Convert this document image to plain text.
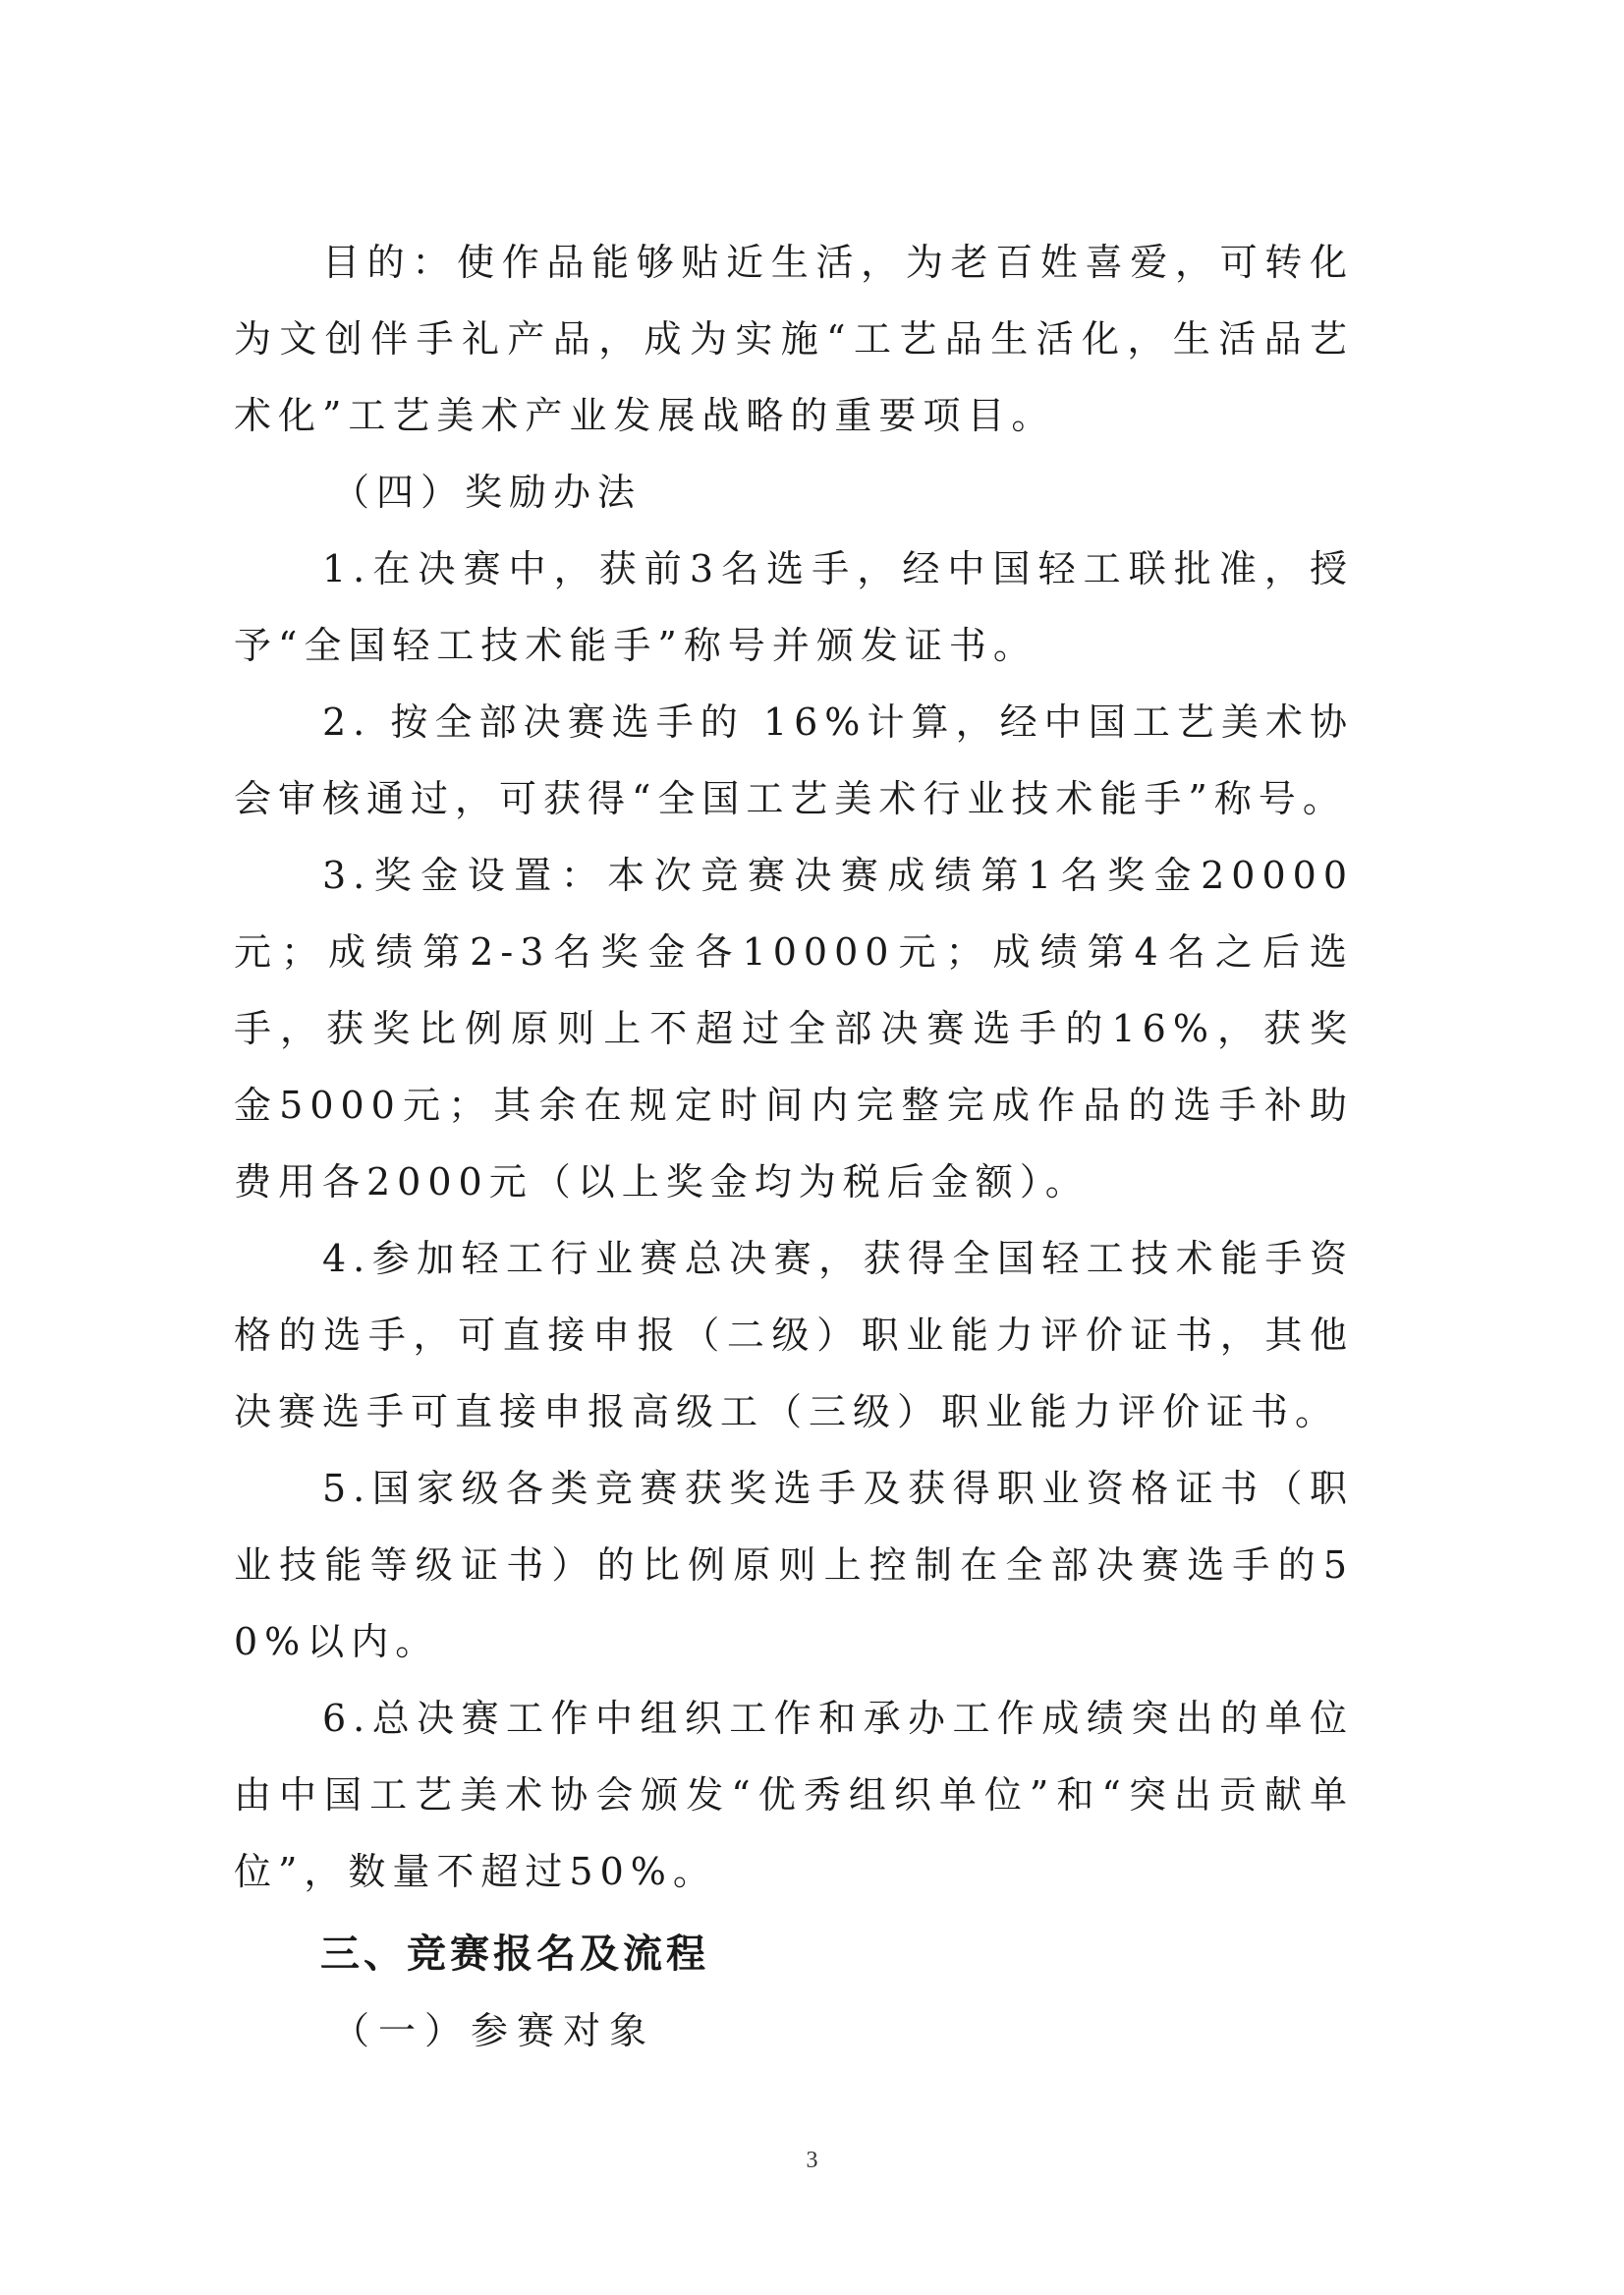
目的：使作品能够贴近生活，为老百姓喜爱，可转化为文创伴手礼产品，成为实施“工艺品生活化，生活品艺术化”工艺美术产业发展战略的重要项目。

（四）奖励办法

1.在决赛中，获前3名选手，经中国轻工联批准，授予“全国轻工技术能手”称号并颁发证书。

2. 按全部决赛选手的 16%计算，经中国工艺美术协会审核通过，可获得“全国工艺美术行业技术能手”称号。

3.奖金设置：本次竞赛决赛成绩第1名奖金20000元；成绩第2-3名奖金各10000元；成绩第4名之后选手，获奖比例原则上不超过全部决赛选手的16%，获奖金5000元；其余在规定时间内完整完成作品的选手补助费用各2000元（以上奖金均为税后金额）。

4.参加轻工行业赛总决赛，获得全国轻工技术能手资格的选手，可直接申报（二级）职业能力评价证书，其他决赛选手可直接申报高级工（三级）职业能力评价证书。

5.国家级各类竞赛获奖选手及获得职业资格证书（职业技能等级证书）的比例原则上控制在全部决赛选手的50%以内。

6.总决赛工作中组织工作和承办工作成绩突出的单位由中国工艺美术协会颁发“优秀组织单位”和“突出贡献单位”，数量不超过50%。

三、竞赛报名及流程

（一）参赛对象

3
